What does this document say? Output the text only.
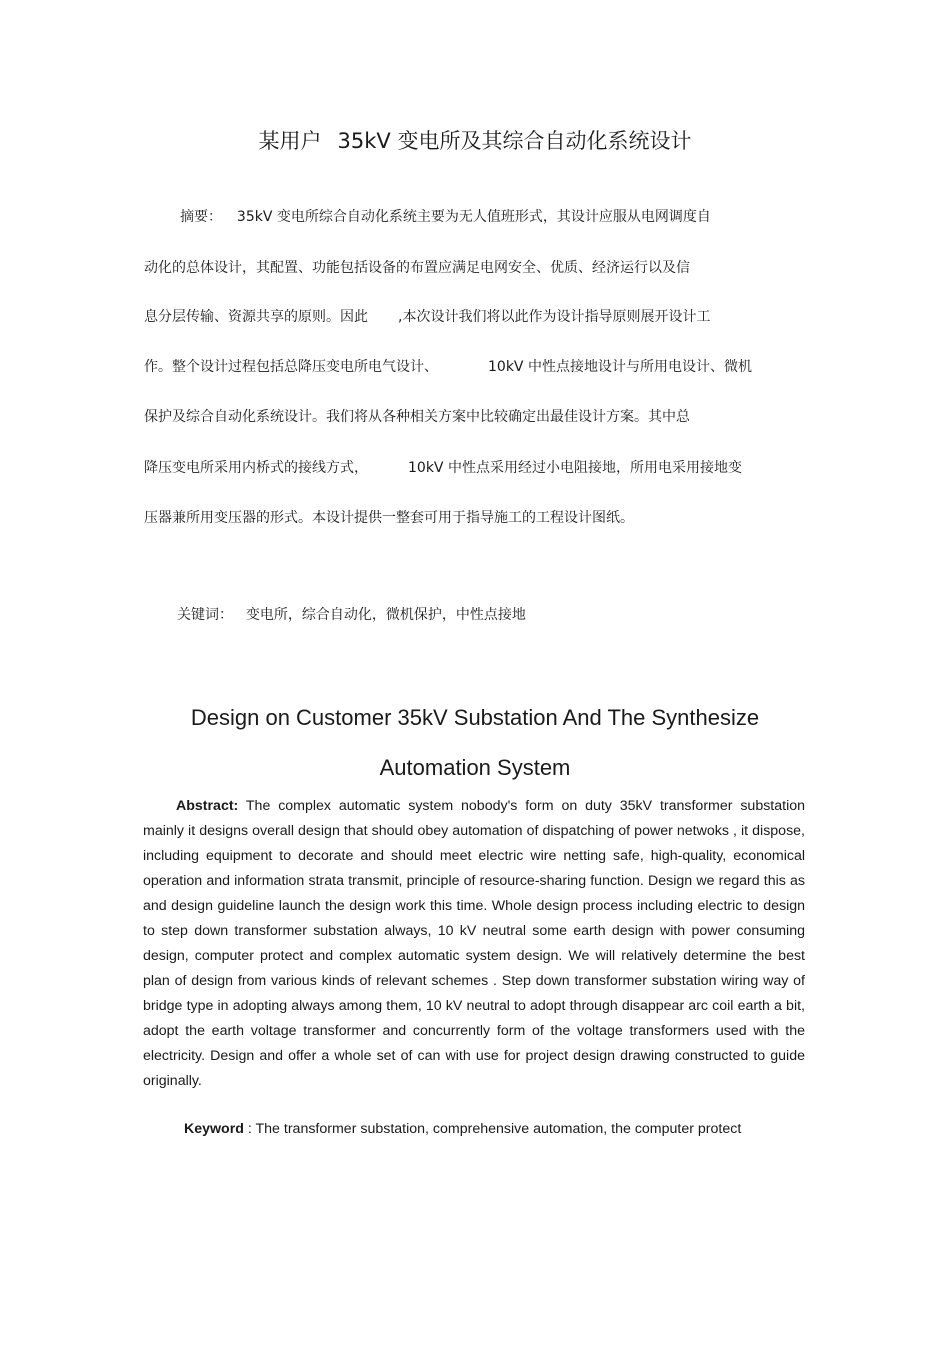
某用户 35kV 变电所及其综合自动化系统设计
摘要： 35kV 变电所综合自动化系统主要为无人值班形式，其设计应服从电网调度自
动化的总体设计，其配置、功能包括设备的布置应满足电网安全、优质、经济运行以及信
息分层传输、资源共享的原则。因此 ,本次设计我们将以此作为设计指导原则展开设计工
作。整个设计过程包括总降压变电所电气设计、	10kV 中性点接地设计与所用电设计、微机
保护及综合自动化系统设计。我们将从各种相关方案中比较确定出最佳设计方案。其中总
降压变电所采用内桥式的接线方式，	10kV 中性点采用经过小电阻接地，所用电采用接地变
压器兼所用变压器的形式。本设计提供一整套可用于指导施工的工程设计图纸。
关键词： 变电所，综合自动化，微机保护，中性点接地
Design on Customer 35kV Substation And The Synthesize
Automation System
Abstract: The complex automatic system nobody's form on duty 35kV transformer substation mainly it designs overall design that should obey automation of dispatching of power netwoks , it dispose, including equipment to decorate and should meet electric wire netting safe, high-quality, economical operation and information strata transmit, principle of resource-sharing function. Design we regard this as and design guideline launch the design work this time. Whole design process including electric to design to step down transformer substation always, 10 kV neutral some earth design with power consuming design, computer protect and complex automatic system design. We will relatively determine the best plan of design from various kinds of relevant schemes . Step down transformer substation wiring way of bridge type in adopting always among them, 10 kV neutral to adopt through disappear arc coil earth a bit, adopt the earth voltage transformer and concurrently form of the voltage transformers used with the electricity. Design and offer a whole set of can with use for project design drawing constructed to guide originally.
Keyword : The transformer substation, comprehensive automation, the computer protect
